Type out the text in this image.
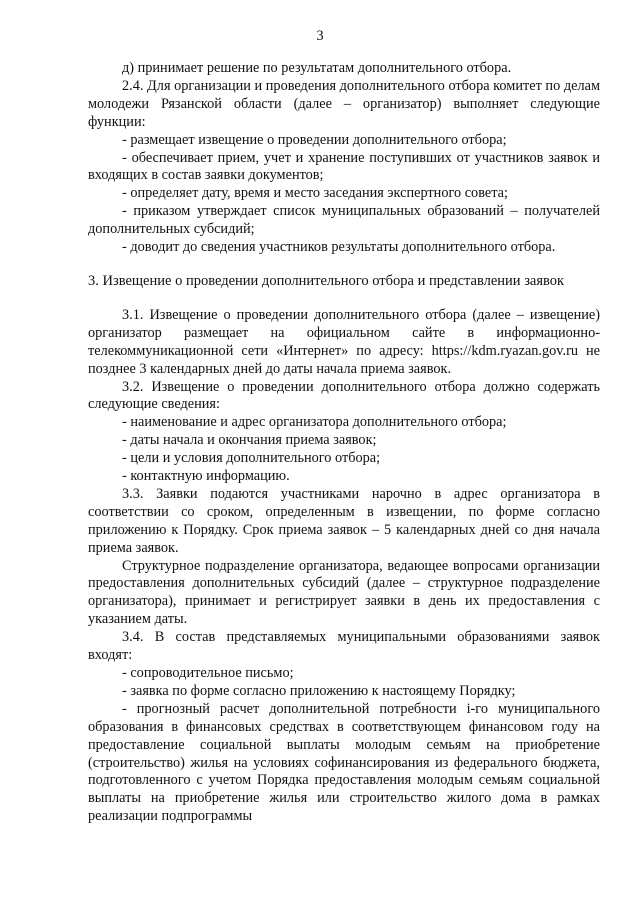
3

д) принимает решение по результатам дополнительного отбора.

2.4. Для организации и проведения дополнительного отбора комитет по делам молодежи Рязанской области (далее – организатор) выполняет следующие функции:

- размещает извещение о проведении дополнительного отбора;

- обеспечивает прием, учет и хранение поступивших от участников заявок и входящих в состав заявки документов;

- определяет дату, время и место заседания экспертного совета;

- приказом утверждает список муниципальных образований – получателей дополнительных субсидий;

- доводит до сведения участников результаты дополнительного отбора.

3. Извещение о проведении дополнительного отбора и представлении заявок

3.1. Извещение о проведении дополнительного отбора (далее – извещение) организатор размещает на официальном сайте в информационно-телекоммуникационной сети «Интернет» по адресу: https://kdm.ryazan.gov.ru не позднее 3 календарных дней до даты начала приема заявок.

3.2. Извещение о проведении дополнительного отбора должно содержать следующие сведения:

- наименование и адрес организатора дополнительного отбора;

- даты начала и окончания приема заявок;

- цели и условия дополнительного отбора;

- контактную информацию.

3.3. Заявки подаются участниками нарочно в адрес организатора в соответствии со сроком, определенным в извещении, по форме согласно приложению к Порядку. Срок приема заявок – 5 календарных дней со дня начала приема заявок.

Структурное подразделение организатора, ведающее вопросами организации предоставления дополнительных субсидий (далее – структурное подразделение организатора), принимает и регистрирует заявки в день их предоставления с указанием даты.

3.4. В состав представляемых муниципальными образованиями заявок входят:

- сопроводительное письмо;

- заявка по форме согласно приложению к настоящему Порядку;

- прогнозный расчет дополнительной потребности i-го муниципального образования в финансовых средствах в соответствующем финансовом году на предоставление социальной выплаты молодым семьям на приобретение (строительство) жилья на условиях софинансирования из федерального бюджета, подготовленного с учетом Порядка предоставления молодым семьям социальной выплаты на приобретение жилья или строительство жилого дома в рамках реализации подпрограммы
